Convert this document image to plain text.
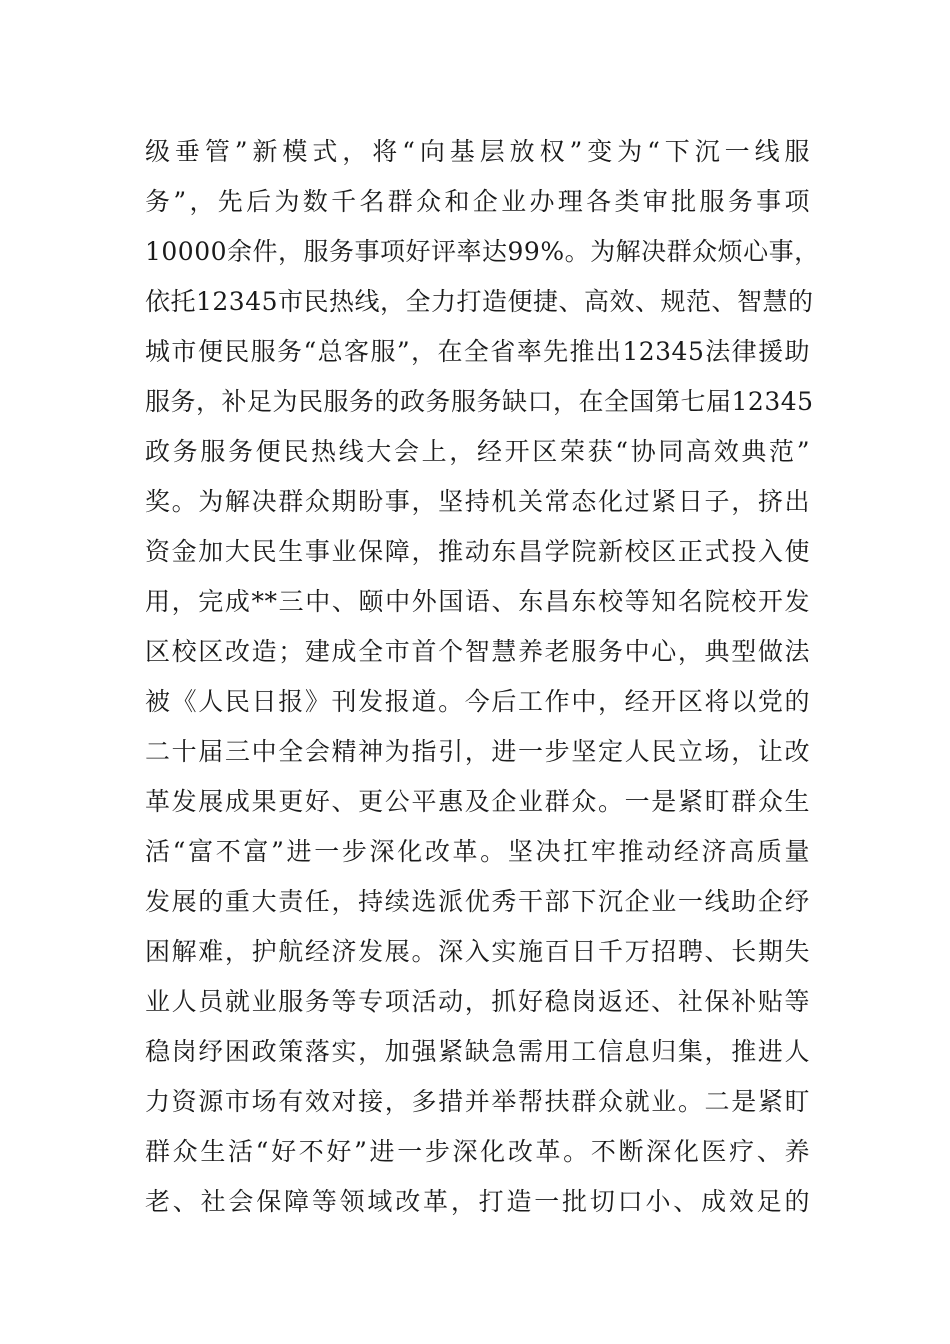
级垂管”新模式，将“向基层放权”变为“下沉一线服
务”，先后为数千名群众和企业办理各类审批服务事项
10000余件，服务事项好评率达99%。为解决群众烦心事，
依托12345市民热线，全力打造便捷、高效、规范、智慧的
城市便民服务“总客服”，在全省率先推出12345法律援助
服务，补足为民服务的政务服务缺口，在全国第七届12345
政务服务便民热线大会上，经开区荣获“协同高效典范”
奖。为解决群众期盼事，坚持机关常态化过紧日子，挤出
资金加大民生事业保障，推动东昌学院新校区正式投入使
用，完成**三中、颐中外国语、东昌东校等知名院校开发
区校区改造；建成全市首个智慧养老服务中心，典型做法
被《人民日报》刊发报道。今后工作中，经开区将以党的
二十届三中全会精神为指引，进一步坚定人民立场，让改
革发展成果更好、更公平惠及企业群众。一是紧盯群众生
活“富不富”进一步深化改革。坚决扛牢推动经济高质量
发展的重大责任，持续选派优秀干部下沉企业一线助企纾
困解难，护航经济发展。深入实施百日千万招聘、长期失
业人员就业服务等专项活动，抓好稳岗返还、社保补贴等
稳岗纾困政策落实，加强紧缺急需用工信息归集，推进人
力资源市场有效对接，多措并举帮扶群众就业。二是紧盯
群众生活“好不好”进一步深化改革。不断深化医疗、养
老、社会保障等领域改革，打造一批切口小、成效足的
